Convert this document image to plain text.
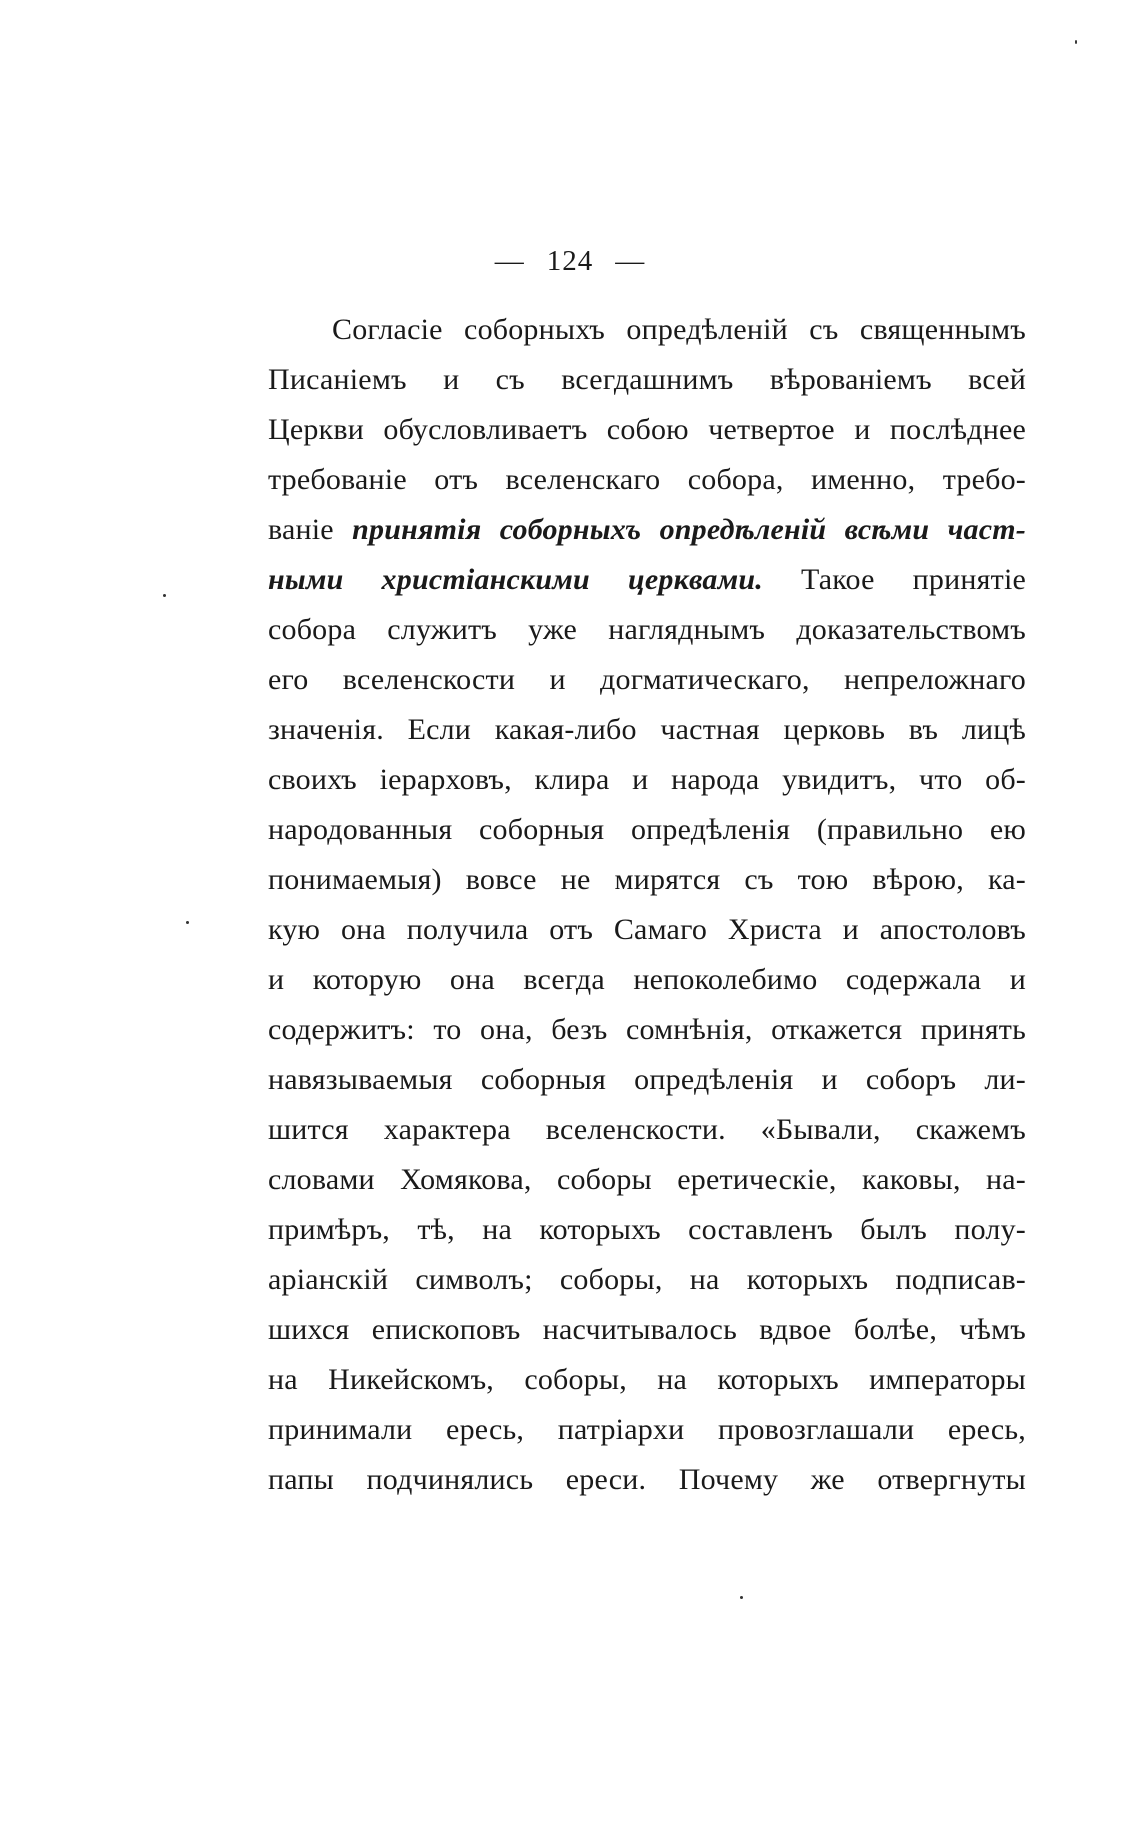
— 124 —
Согласіе соборныхъ опредѣленій съ священнымъ
Писаніемъ и съ всегдашнимъ вѣрованіемъ всей
Церкви обусловливаетъ собою четвертое и послѣднее
требованіе отъ вселенскаго собора, именно, требо-
ваніе принятія соборныхъ опредѣленій всѣми част-
ными христіанскими церквами. Такое принятіе
собора служитъ уже нагляднымъ доказательствомъ
его вселенскости и догматическаго, непреложнаго
значенія. Если какая-либо частная церковь въ лицѣ
своихъ іерарховъ, клира и народа увидитъ, что об-
народованныя соборныя опредѣленія (правильно ею
понимаемыя) вовсе не мирятся съ тою вѣрою, ка-
кую она получила отъ Самаго Христа и апостоловъ
и которую она всегда непоколебимо содержала и
содержитъ: то она, безъ сомнѣнія, откажется принять
навязываемыя соборныя опредѣленія и соборъ ли-
шится характера вселенскости. «Бывали, скажемъ
словами Хомякова, соборы еретическіе, каковы, на-
примѣръ, тѣ, на которыхъ составленъ былъ полу-
аріанскій символъ; соборы, на которыхъ подписав-
шихся епископовъ насчитывалось вдвое болѣе, чѣмъ
на Никейскомъ, соборы, на которыхъ императоры
принимали ересь, патріархи провозглашали ересь,
папы подчинялись ереси. Почему же отвергнуты
